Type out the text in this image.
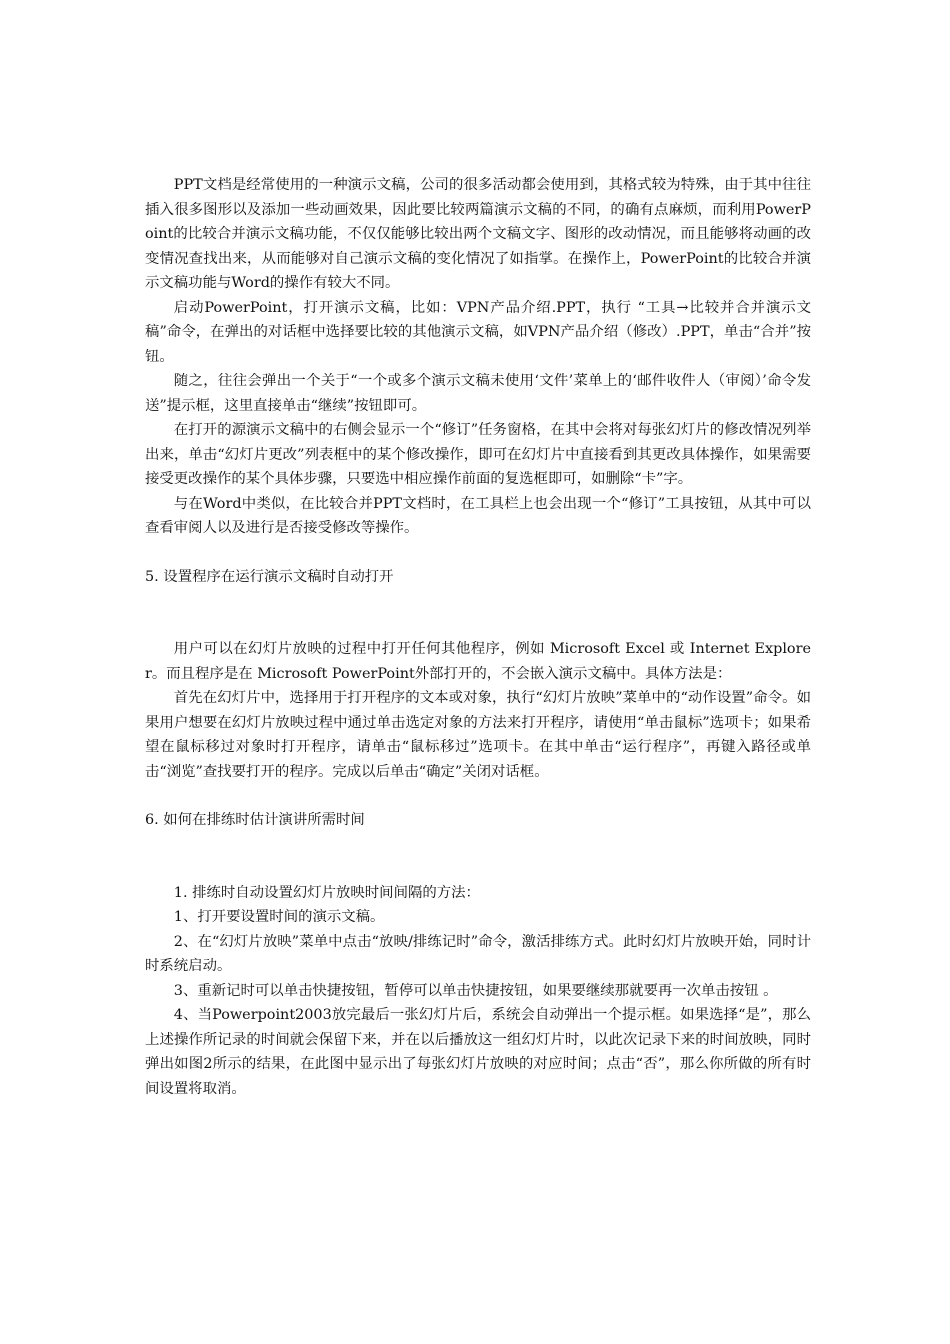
PPT文档是经常使用的一种演示文稿，公司的很多活动都会使用到，其格式较为特殊，由于其中往往插入很多图形以及添加一些动画效果，因此要比较两篇演示文稿的不同，的确有点麻烦，而利用PowerPoint的比较合并演示文稿功能，不仅仅能够比较出两个文稿文字、图形的改动情况，而且能够将动画的改变情况查找出来，从而能够对自己演示文稿的变化情况了如指掌。在操作上，PowerPoint的比较合并演示文稿功能与Word的操作有较大不同。

启动PowerPoint，打开演示文稿，比如：VPN产品介绍.PPT，执行 “工具→比较并合并演示文稿”命令，在弹出的对话框中选择要比较的其他演示文稿，如VPN产品介绍（修改）.PPT，单击“合并”按钮。

随之，往往会弹出一个关于“一个或多个演示文稿未使用‘文件’菜单上的‘邮件收件人（审阅）’命令发送”提示框，这里直接单击“继续”按钮即可。

在打开的源演示文稿中的右侧会显示一个“修订”任务窗格，在其中会将对每张幻灯片的修改情况列举出来，单击“幻灯片更改”列表框中的某个修改操作，即可在幻灯片中直接看到其更改具体操作，如果需要接受更改操作的某个具体步骤，只要选中相应操作前面的复选框即可，如删除“卡”字。

与在Word中类似，在比较合并PPT文档时，在工具栏上也会出现一个“修订”工具按钮，从其中可以查看审阅人以及进行是否接受修改等操作。

5. 设置程序在运行演示文稿时自动打开

用户可以在幻灯片放映的过程中打开任何其他程序，例如 Microsoft Excel 或 Internet Explorer。而且程序是在 Microsoft PowerPoint外部打开的，不会嵌入演示文稿中。具体方法是：

首先在幻灯片中，选择用于打开程序的文本或对象，执行“幻灯片放映”菜单中的“动作设置”命令。如果用户想要在幻灯片放映过程中通过单击选定对象的方法来打开程序，请使用“单击鼠标”选项卡；如果希望在鼠标移过对象时打开程序，请单击“鼠标移过”选项卡。在其中单击“运行程序”，再键入路径或单击“浏览”查找要打开的程序。完成以后单击“确定”关闭对话框。

6. 如何在排练时估计演讲所需时间

1. 排练时自动设置幻灯片放映时间间隔的方法：

1、打开要设置时间的演示文稿。

2、在“幻灯片放映”菜单中点击“放映/排练记时”命令，激活排练方式。此时幻灯片放映开始，同时计时系统启动。

3、重新记时可以单击快捷按钮，暂停可以单击快捷按钮，如果要继续那就要再一次单击按钮 。

4、当Powerpoint2003放完最后一张幻灯片后，系统会自动弹出一个提示框。如果选择“是”，那么上述操作所记录的时间就会保留下来，并在以后播放这一组幻灯片时，以此次记录下来的时间放映，同时弹出如图2所示的结果，在此图中显示出了每张幻灯片放映的对应时间；点击“否”，那么你所做的所有时间设置将取消。
